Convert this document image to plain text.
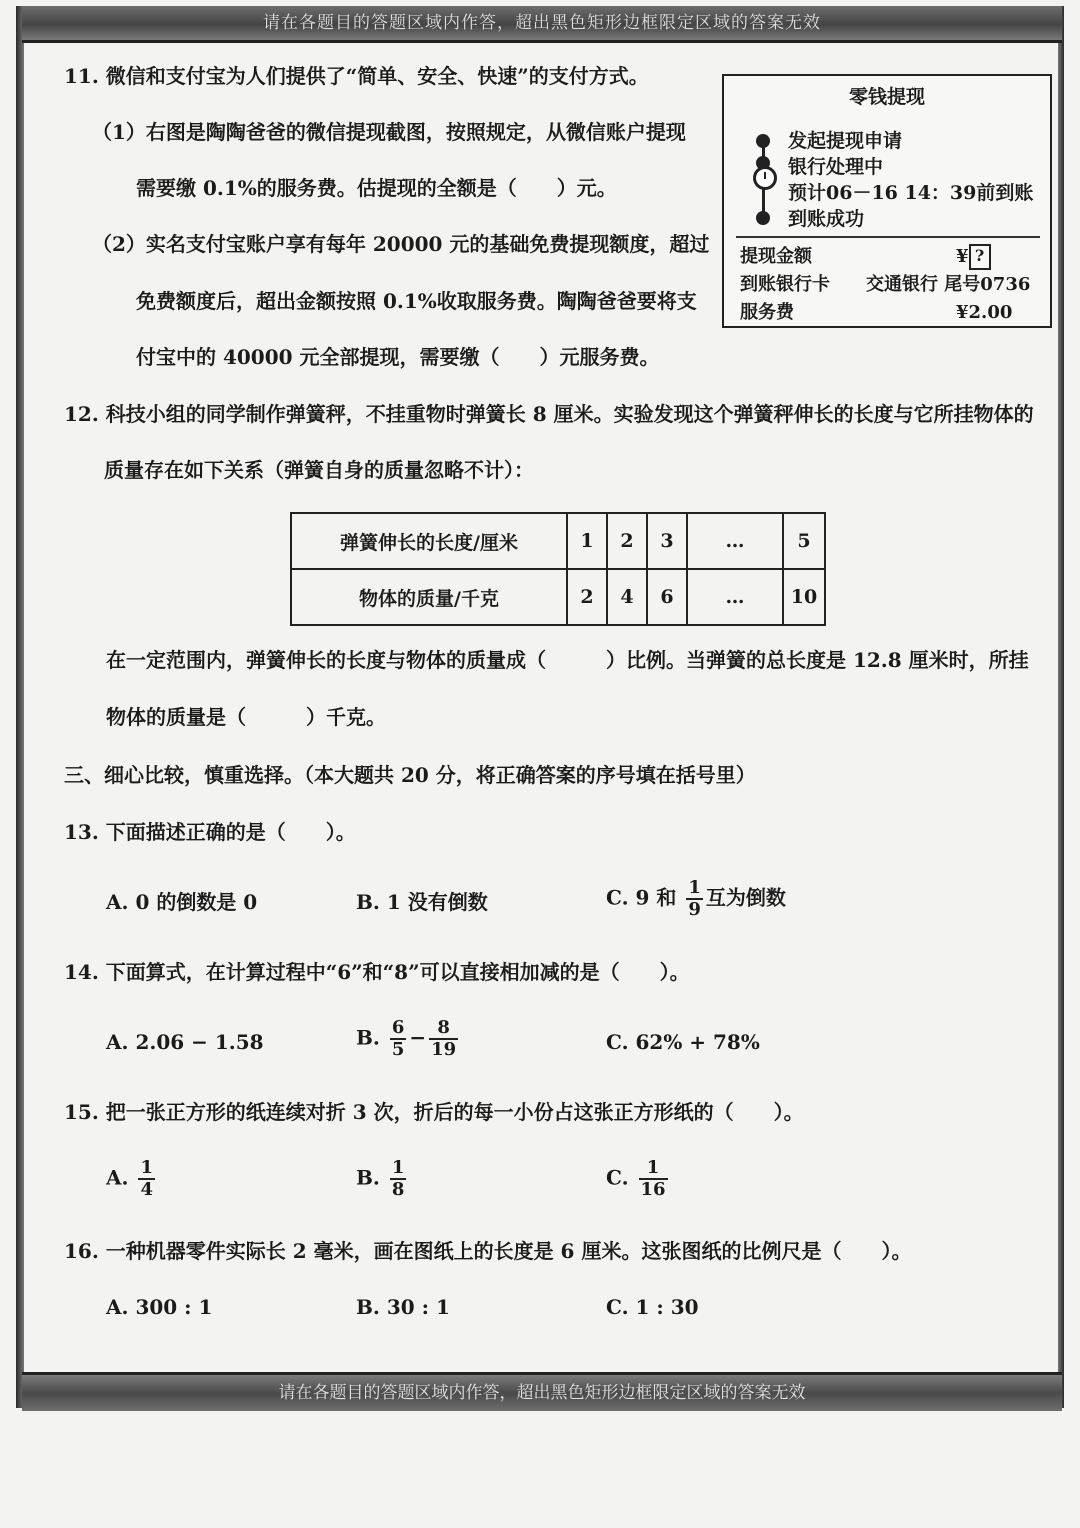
请在各题目的答题区域内作答，超出黑色矩形边框限定区域的答案无效
11. 微信和支付宝为人们提供了“简单、安全、快速”的支付方式。
（1）右图是陶陶爸爸的微信提现截图，按照规定，从微信账户提现
需要缴 0.1%的服务费。估提现的全额是（　　）元。
（2）实名支付宝账户享有每年 20000 元的基础免费提现额度，超过
免费额度后，超出金额按照 0.1%收取服务费。陶陶爸爸要将支
付宝中的 40000 元全部提现，需要缴（　　）元服务费。
零钱提现
发起提现申请
银行处理中
预计06－16 14：39前到账
到账成功
提现金额	¥ ?
到账银行卡 交通银行 尾号0736
服务费	¥2.00
12. 科技小组的同学制作弹簧秤，不挂重物时弹簧长 8 厘米。实验发现这个弹簧秤伸长的长度与它所挂物体的
质量存在如下关系（弹簧自身的质量忽略不计）：
弹簧伸长的长度/厘米	1	2	3	…	5
物体的质量/千克	2	4	6	…	10
在一定范围内，弹簧伸长的长度与物体的质量成（　　　）比例。当弹簧的总长度是 12.8 厘米时，所挂
物体的质量是（　　　）千克。
三、细心比较，慎重选择。（本大题共 20 分，将正确答案的序号填在括号里）
13. 下面描述正确的是（　　）。
A. 0 的倒数是 0	B. 1 没有倒数	C. 9 和 $\frac{1}{9}$ 互为倒数
14. 下面算式，在计算过程中“6”和“8”可以直接相加减的是（　　）。
A. 2.06 − 1.58	B. $\frac{6}{5} - \frac{8}{19}$	C. 62% + 78%
15. 把一张正方形的纸连续对折 3 次，折后的每一小份占这张正方形纸的（　　）。
A. $\frac{1}{4}$	B. $\frac{1}{8}$	C. $\frac{1}{16}$
16. 一种机器零件实际长 2 毫米，画在图纸上的长度是 6 厘米。这张图纸的比例尺是（　　）。
A. 300 : 1	B. 30 : 1	C. 1 : 30
请在各题目的答题区域内作答，超出黑色矩形边框限定区域的答案无效
